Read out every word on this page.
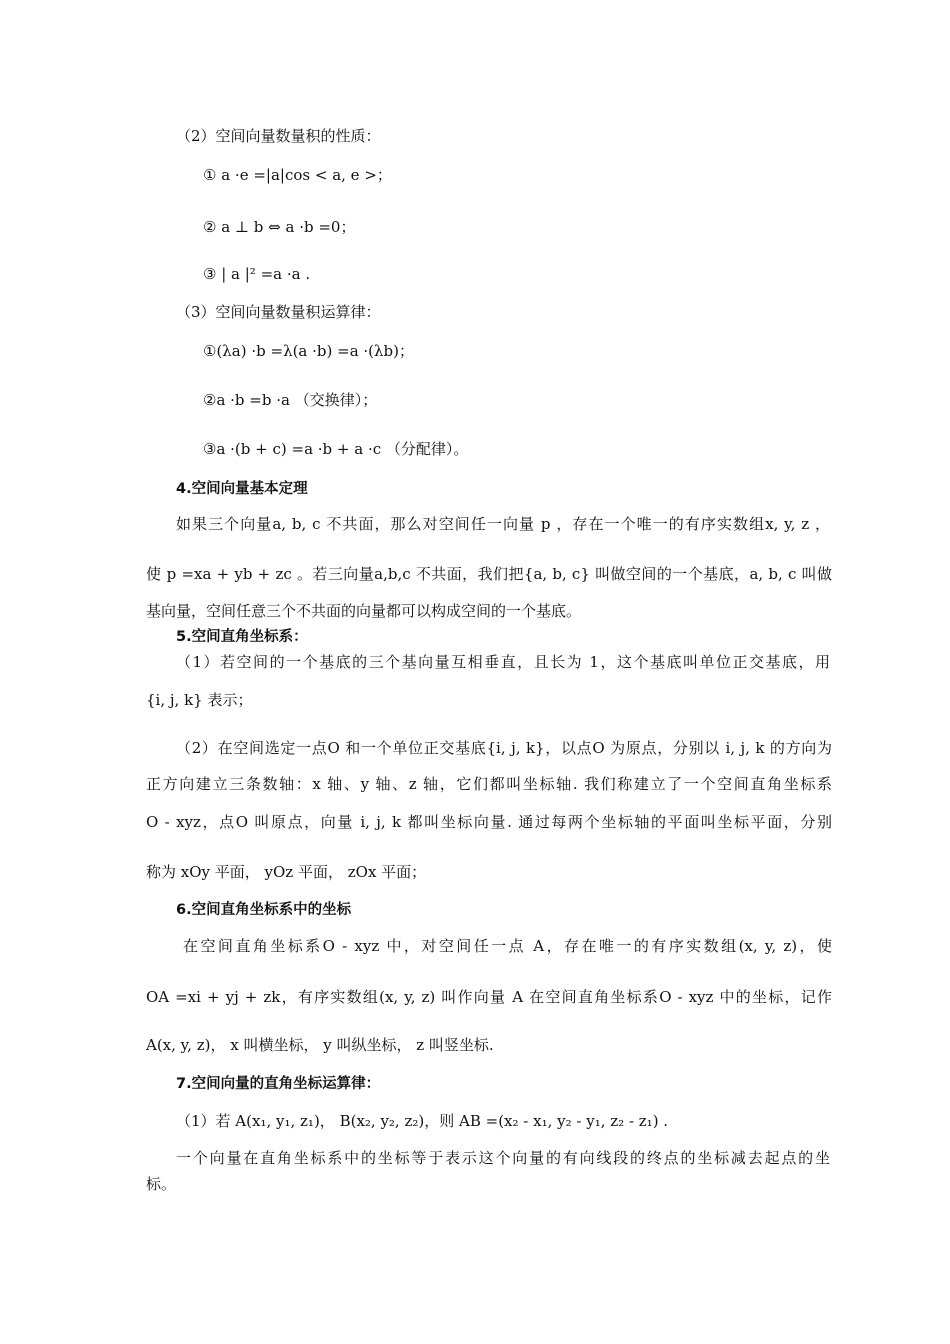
（2）空间向量数量积的性质：
① a ·e =|a|cos < a, e >；
② a ⊥ b ⇔ a ·b =0；
③ | a |² =a ·a .
（3）空间向量数量积运算律：
①(λa) ·b =λ(a ·b) =a ·(λb)；
②a ·b =b ·a （交换律）；
③a ·(b + c) =a ·b + a ·c （分配律）。
4.空间向量基本定理
如果三个向量a, b, c 不共面，那么对空间任一向量 p ，存在一个唯一的有序实数组x, y, z ，
使 p =xa + yb + zc 。若三向量a,b,c 不共面，我们把{a, b, c} 叫做空间的一个基底，a, b, c 叫做
基向量，空间任意三个不共面的向量都可以构成空间的一个基底。
5.空间直角坐标系：
（1）若空间的一个基底的三个基向量互相垂直，且长为 1，这个基底叫单位正交基底，用
{i, j, k} 表示；
（2）在空间选定一点O 和一个单位正交基底{i, j, k}，以点O 为原点，分别以 i, j, k 的方向为
正方向建立三条数轴：x 轴、y 轴、z 轴，它们都叫坐标轴. 我们称建立了一个空间直角坐标系
O - xyz，点O 叫原点，向量 i, j, k 都叫坐标向量. 通过每两个坐标轴的平面叫坐标平面，分别
称为 xOy 平面， yOz 平面， zOx 平面；
6.空间直角坐标系中的坐标
在空间直角坐标系O - xyz 中，对空间任一点 A，存在唯一的有序实数组(x, y, z)，使
OA =xi + yj + zk，有序实数组(x, y, z) 叫作向量 A 在空间直角坐标系O - xyz 中的坐标，记作
A(x, y, z)， x 叫横坐标， y 叫纵坐标， z 叫竖坐标.
7.空间向量的直角坐标运算律：
（1）若 A(x₁, y₁, z₁)， B(x₂, y₂, z₂)，则 AB =(x₂ - x₁, y₂ - y₁, z₂ - z₁) .
一个向量在直角坐标系中的坐标等于表示这个向量的有向线段的终点的坐标减去起点的坐
标。
